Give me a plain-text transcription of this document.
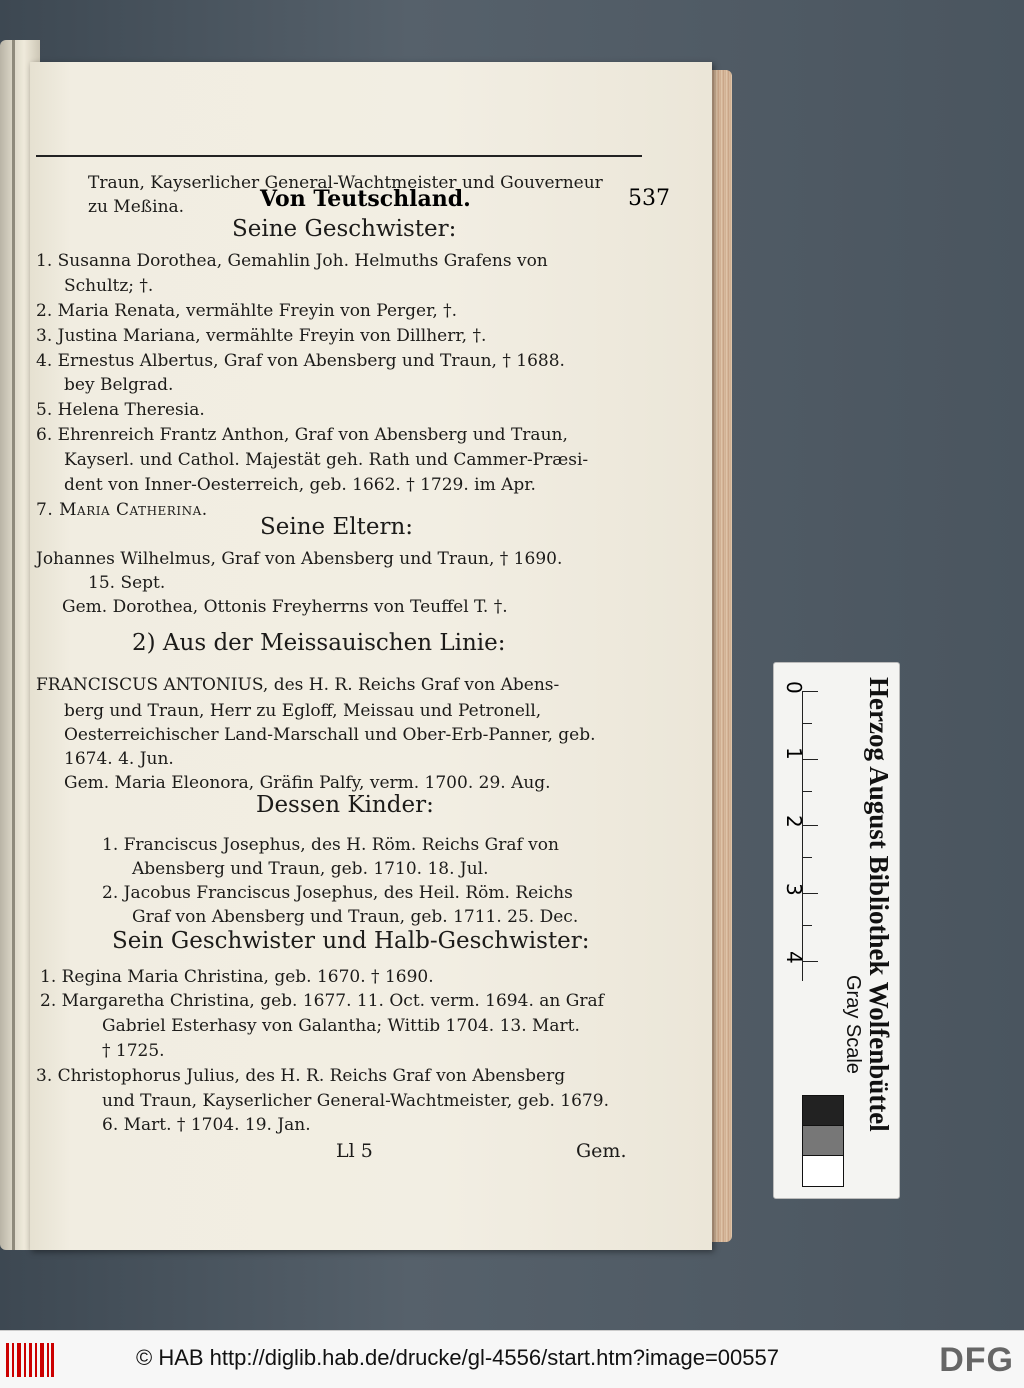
Von Teutschland.	537
Traun, Kayserlicher General-Wachtmeister und Gouverneur
zu Meßina.
Seine Geschwister:
1. Susanna Dorothea, Gemahlin Joh. Helmuths Grafens von
Schultz; †.
2. Maria Renata, vermählte Freyin von Perger, †.
3. Justina Mariana, vermählte Freyin von Dillherr, †.
4. Ernestus Albertus, Graf von Abensberg und Traun, † 1688.
bey Belgrad.
5. Helena Theresia.
6. Ehrenreich Frantz Anthon, Graf von Abensberg und Traun,
Kayserl. und Cathol. Majestät geh. Rath und Cammer-Præsi-
dent von Inner-Oesterreich, geb. 1662. † 1729. im Apr.
7. Maria Catherina.
Seine Eltern:
Johannes Wilhelmus, Graf von Abensberg und Traun, † 1690.
15. Sept.
Gem. Dorothea, Ottonis Freyherrns von Teuffel T. †.
2) Aus der Meissauischen Linie:
FRANCISCUS ANTONIUS, des H. R. Reichs Graf von Abens-
berg und Traun, Herr zu Egloff, Meissau und Petronell,
Oesterreichischer Land-Marschall und Ober-Erb-Panner, geb.
1674. 4. Jun.
Gem. Maria Eleonora, Gräfin Palfy, verm. 1700. 29. Aug.
Dessen Kinder:
1. Franciscus Josephus, des H. Röm. Reichs Graf von
Abensberg und Traun, geb. 1710. 18. Jul.
2. Jacobus Franciscus Josephus, des Heil. Röm. Reichs
Graf von Abensberg und Traun, geb. 1711. 25. Dec.
Sein Geschwister und Halb-Geschwister:
1. Regina Maria Christina, geb. 1670. † 1690.
2. Margaretha Christina, geb. 1677. 11. Oct. verm. 1694. an Graf
Gabriel Esterhasy von Galantha; Wittib 1704. 13. Mart.
† 1725.
3. Christophorus Julius, des H. R. Reichs Graf von Abensberg
und Traun, Kayserlicher General-Wachtmeister, geb. 1679.
6. Mart. † 1704. 19. Jan.
Ll 5	Gem.
0
1
2
3
4
Gray Scale Herzog August Bibliothek Wolfenbüttel
© HAB http://diglib.hab.de/drucke/gl-4556/start.htm?image=00557	DFG
